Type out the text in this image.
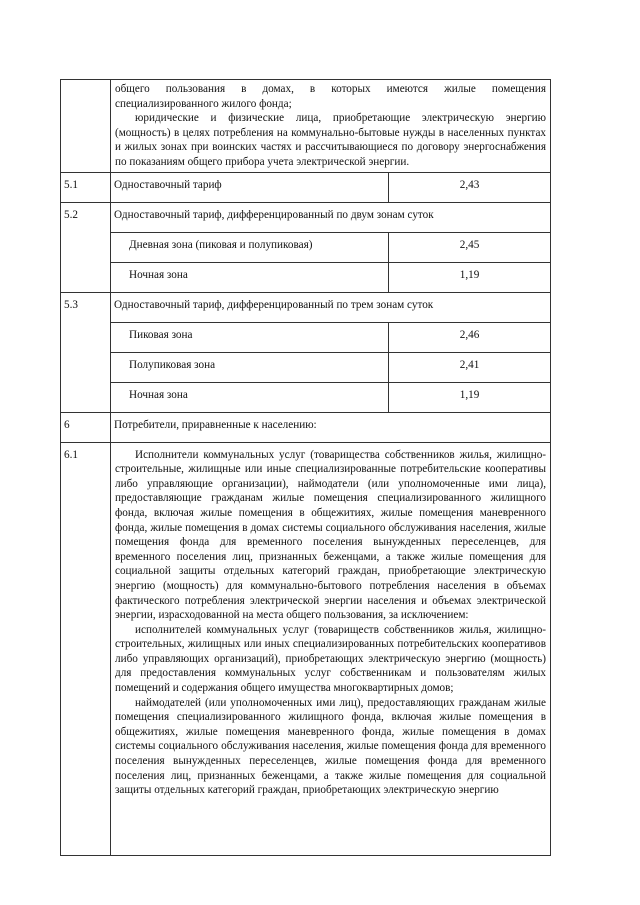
	общего пользования в домах, в которых имеются жилые помещения специализированного жилого фонда;

юридические и физические лица, приобретающие электрическую энергию (мощность) в целях потребления на коммунально-бытовые нужды в населенных пунктах и жилых зонах при воинских частях и рассчитывающиеся по договору энергоснабжения по показаниям общего прибора учета электрической энергии.	

5.1	Одноставочный тариф	2,43
5.2	Одноставочный тариф, дифференцированный по двум зонам суток	
	Дневная зона (пиковая и полупиковая)	2,45
	Ночная зона	1,19
5.3	Одноставочный тариф, дифференцированный по трем зонам суток	
	Пиковая зона	2,46
	Полупиковая зона	2,41
	Ночная зона	1,19
6	Потребители, приравненные к населению:	
6.1	Исполнители коммунальных услуг (товарищества собственников жилья, жилищно-строительные, жилищные или иные специализированные потребительские кооперативы либо управляющие организации), наймодатели (или уполномоченные ими лица), предоставляющие гражданам жилые помещения специализированного жилищного фонда, включая жилые помещения в общежитиях, жилые помещения маневренного фонда, жилые помещения в домах системы социального обслуживания населения, жилые помещения фонда для временного поселения вынужденных переселенцев, для временного поселения лиц, признанных беженцами, а также жилые помещения для социальной защиты отдельных категорий граждан, приобретающие электрическую энергию (мощность) для коммунально-бытового потребления населения в объемах фактического потребления электрической энергии населения и объемах электрической энергии, израсходованной на места общего пользования, за исключением:

исполнителей коммунальных услуг (товариществ собственников жилья, жилищно-строительных, жилищных или иных специализированных потребительских кооперативов либо управляющих организаций), приобретающих электрическую энергию (мощность) для предоставления коммунальных услуг собственникам и пользователям жилых помещений и содержания общего имущества многоквартирных домов;

наймодателей (или уполномоченных ими лиц), предоставляющих гражданам жилые помещения специализированного жилищного фонда, включая жилые помещения в общежитиях, жилые помещения маневренного фонда, жилые помещения в домах системы социального обслуживания населения, жилые помещения фонда для временного поселения вынужденных переселенцев, жилые помещения фонда для временного поселения лиц, признанных беженцами, а также жилые помещения для социальной защиты отдельных категорий граждан, приобретающих электрическую энергию	
